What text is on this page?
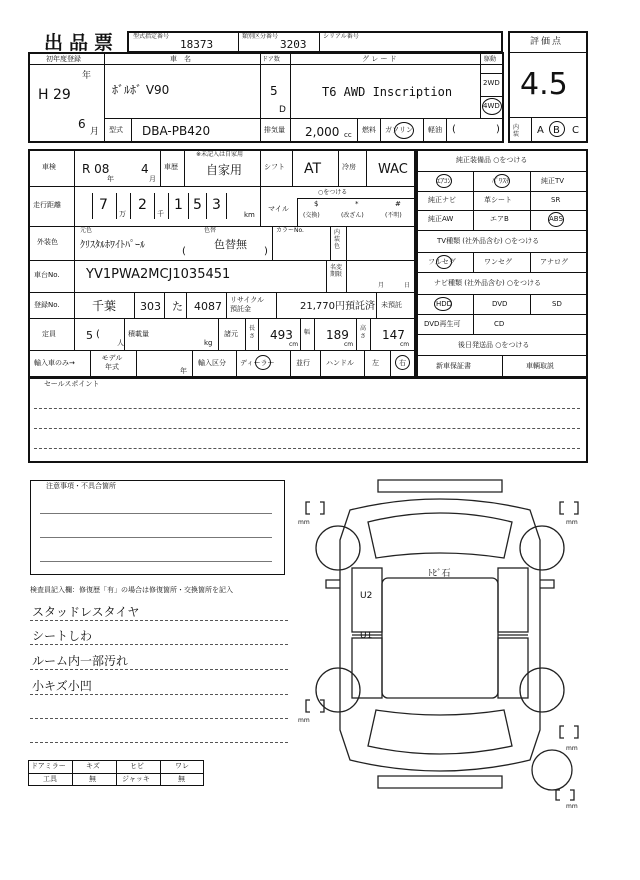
出品票 型式指定番号
18373
類別区分番号
3203
シリアル番号
評価点
4.5
内装	A B C
初年度登録
H 29
年
6
月
車　名
ﾎﾞﾙﾎﾞ V90
ドア数
5
D
グ レ ー ド
T6 AWD Inscription
駆動
2WD
4WD
型式 DBA-PB420	排気量 2,000 cc
燃料 ガソリン 軽油 (	)
車検 R 08
年
4
月
車歴
※未記入は自家用
自家用	シフト AT	冷房 WAC
走行距離	7
万
2
千
1 5 3
km
○をつける
マイル
$
(交換)
*
(改ざん)
#
(不明)
外装色
元色
ｸﾘｽﾀﾙﾎﾜｲﾄﾊﾟｰﾙ
色替
色替無
(	)
カラーNo.	内装色
車台No. YV1PWA2MCJ1035451	名変期限
月	日
登録No.	千葉 303 た 4087 リサイクル預託金	21,770円預託済 未預託
定員	5 (
人
積載量
kg
諸元
長さ 493
cm
幅 189
cm
高さ 147
cm
輸入車のみ→
モデル年式	年
輸入区分 ディーラー	並行 ハンドル	左	右
純正装備品 ○をつける
ｴｱｺﾝ	ﾊﾟﾜｽﾃ	純正TV
純正ナビ	革シート	SR
純正AW	エアB	ABS
TV種類 (社外品含む) ○をつける
フルセグ	ワンセグ	アナログ
ナビ種類 (社外品含む) ○をつける
HDD	DVD	SD
DVD再生可	CD
後日発送品 ○をつける
新車保証書	車輌取説
セールスポイント
注意事項・不具合箇所
検査員記入欄：修復歴「有」の場合は修復箇所・交換箇所を記入
スタッドレスタイヤ
シートしわ
ルーム内一部汚れ
小キズ小凹
ドアミラー	キズ	ヒビ	ワレ
工具	無	ジャッキ	無
ﾄﾋﾞ石
U2
U1
mm	mm
mm
mm
mm
